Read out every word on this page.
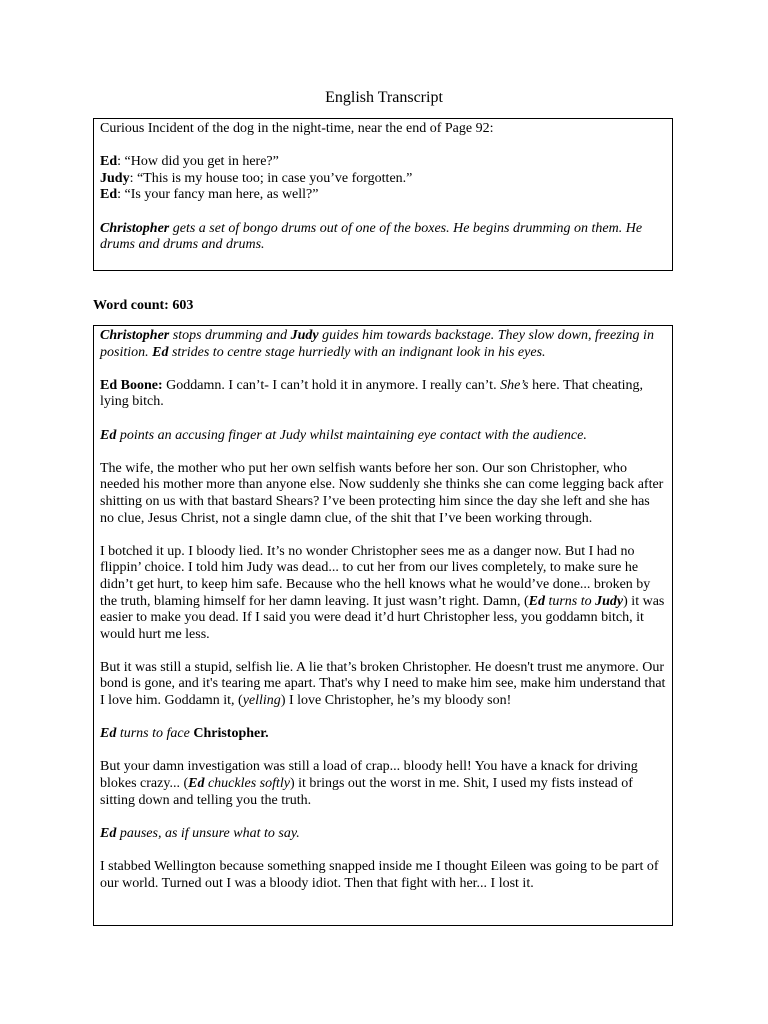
English Transcript

Curious Incident of the dog in the night-time, near the end of Page 92:

Ed: “How did you get in here?”

Judy: “This is my house too; in case you’ve forgotten.”

Ed: “Is your fancy man here, as well?”

Christopher gets a set of bongo drums out of one of the boxes. He begins drumming on them. He drums and drums and drums.

Word count: 603

Christopher stops drumming and Judy guides him towards backstage. They slow down, freezing in position. Ed strides to centre stage hurriedly with an indignant look in his eyes.

Ed Boone: Goddamn. I can’t- I can’t hold it in anymore. I really can’t. She’s here. That cheating, lying bitch.

Ed points an accusing finger at Judy whilst maintaining eye contact with the audience.

The wife, the mother who put her own selfish wants before her son. Our son Christopher, who needed his mother more than anyone else. Now suddenly she thinks she can come legging back after shitting on us with that bastard Shears? I’ve been protecting him since the day she left and she has no clue, Jesus Christ, not a single damn clue, of the shit that I’ve been working through.

I botched it up. I bloody lied. It’s no wonder Christopher sees me as a danger now. But I had no flippin’ choice. I told him Judy was dead... to cut her from our lives completely, to make sure he didn’t get hurt, to keep him safe. Because who the hell knows what he would’ve done... broken by the truth, blaming himself for her damn leaving. It just wasn’t right. Damn, (Ed turns to Judy) it was easier to make you dead. If I said you were dead it’d hurt Christopher less, you goddamn bitch, it would hurt me less.

But it was still a stupid, selfish lie. A lie that’s broken Christopher. He doesn't trust me anymore. Our bond is gone, and it's tearing me apart. That's why I need to make him see, make him understand that I love him. Goddamn it, (yelling) I love Christopher, he’s my bloody son!

Ed turns to face Christopher.

But your damn investigation was still a load of crap... bloody hell! You have a knack for driving blokes crazy... (Ed chuckles softly) it brings out the worst in me. Shit, I used my fists instead of sitting down and telling you the truth.

Ed pauses, as if unsure what to say.

I stabbed Wellington because something snapped inside me I thought Eileen was going to be part of our world. Turned out I was a bloody idiot. Then that fight with her... I lost it.
